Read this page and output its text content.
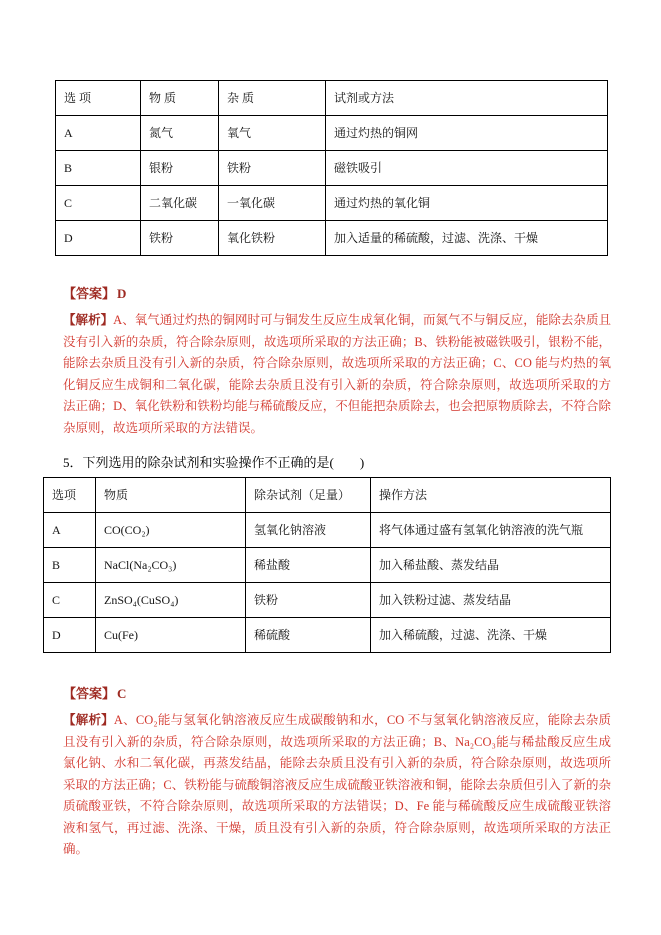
选 项	物 质	杂 质	试剂或方法
A	氮气	氧气	通过灼热的铜网
B	银粉	铁粉	磁铁吸引
C	二氧化碳	一氧化碳	通过灼热的氧化铜
D	铁粉	氧化铁粉	加入适量的稀硫酸，过滤、洗涤、干燥

【答案】 D

【解析】A、氧气通过灼热的铜网时可与铜发生反应生成氧化铜，而氮气不与铜反应，能除去杂质且没有引入新的杂质，符合除杂原则，故选项所采取的方法正确；B、铁粉能被磁铁吸引，银粉不能，能除去杂质且没有引入新的杂质，符合除杂原则，故选项所采取的方法正确；C、CO 能与灼热的氧化铜反应生成铜和二氧化碳，能除去杂质且没有引入新的杂质，符合除杂原则，故选项所采取的方法正确；D、氧化铁粉和铁粉均能与稀硫酸反应，不但能把杂质除去，也会把原物质除去，不符合除杂原则，故选项所采取的方法错误。

5．下列选用的除杂试剂和实验操作不正确的是(　　)

选项	物质	除杂试剂（足量）	操作方法
A	CO(CO₂)	氢氧化钠溶液	将气体通过盛有氢氧化钠溶液的洗气瓶
B	NaCl(Na₂CO₃)	稀盐酸	加入稀盐酸、蒸发结晶
C	ZnSO₄(CuSO₄)	铁粉	加入铁粉过滤、蒸发结晶
D	Cu(Fe)	稀硫酸	加入稀硫酸，过滤、洗涤、干燥

【答案】 C

【解析】A、CO₂能与氢氧化钠溶液反应生成碳酸钠和水，CO 不与氢氧化钠溶液反应，能除去杂质且没有引入新的杂质，符合除杂原则，故选项所采取的方法正确；B、Na₂CO₃能与稀盐酸反应生成氯化钠、水和二氧化碳，再蒸发结晶，能除去杂质且没有引入新的杂质，符合除杂原则，故选项所采取的方法正确；C、铁粉能与硫酸铜溶液反应生成硫酸亚铁溶液和铜，能除去杂质但引入了新的杂质硫酸亚铁，不符合除杂原则，故选项所采取的方法错误；D、Fe 能与稀硫酸反应生成硫酸亚铁溶液和氢气，再过滤、洗涤、干燥，质且没有引入新的杂质，符合除杂原则，故选项所采取的方法正确。
